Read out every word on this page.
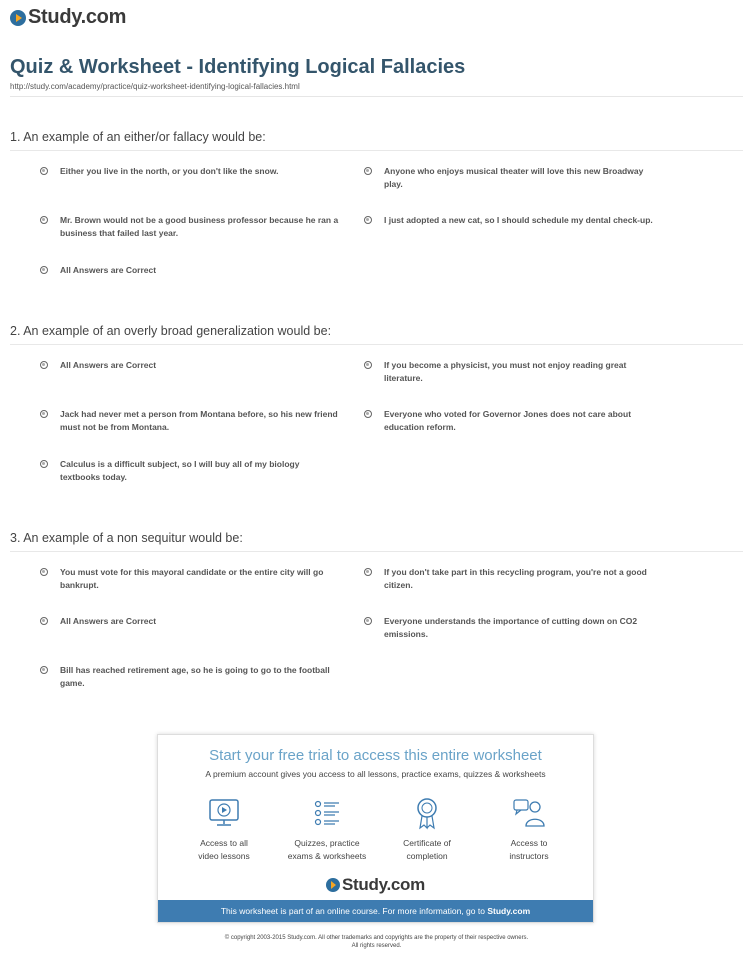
Study.com
Quiz & Worksheet - Identifying Logical Fallacies
http://study.com/academy/practice/quiz-worksheet-identifying-logical-fallacies.html
1. An example of an either/or fallacy would be:
Either you live in the north, or you don't like the snow.	Anyone who enjoys musical theater will love this new Broadway play.
Mr. Brown would not be a good business professor because he ran a business that failed last year.
I just adopted a new cat, so I should schedule my dental check-up.
All Answers are Correct
2. An example of an overly broad generalization would be:
All Answers are Correct	If you become a physicist, you must not enjoy reading great literature.
Jack had never met a person from Montana before, so his new friend must not be from Montana.
Everyone who voted for Governor Jones does not care about education reform.
Calculus is a difficult subject, so I will buy all of my biology textbooks today.
3. An example of a non sequitur would be:
You must vote for this mayoral candidate or the entire city will go bankrupt.
If you don't take part in this recycling program, you're not a good citizen.
All Answers are Correct	Everyone understands the importance of cutting down on CO2 emissions.
Bill has reached retirement age, so he is going to go to the football game.
Start your free trial to access this entire worksheet
A premium account gives you access to all lessons, practice exams, quizzes & worksheets
Access to all
video lessons
Quizzes, practice
exams & worksheets
Certificate of
completion
Access to
instructors
Study.com
This worksheet is part of an online course. For more information, go to Study.com
© copyright 2003-2015 Study.com. All other trademarks and copyrights are the property of their respective owners.
All rights reserved.
